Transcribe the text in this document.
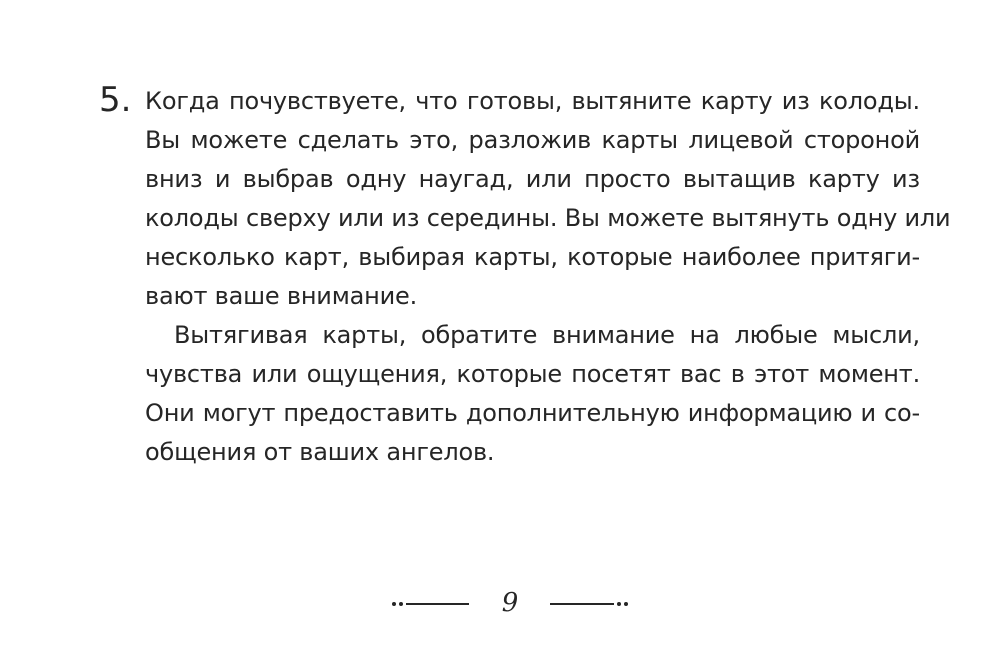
5. Когда почувствуете, что готовы, вытяните карту из колоды.
Вы можете сделать это, разложив карты лицевой стороной
вниз и выбрав одну наугад, или просто вытащив карту из
колоды сверху или из середины. Вы можете вытянуть одну или
несколько карт, выбирая карты, которые наиболее притяги-
вают ваше внимание.
Вытягивая карты, обратите внимание на любые мысли,
чувства или ощущения, которые посетят вас в этот момент.
Они могут предоставить дополнительную информацию и со-
общения от ваших ангелов.
9
